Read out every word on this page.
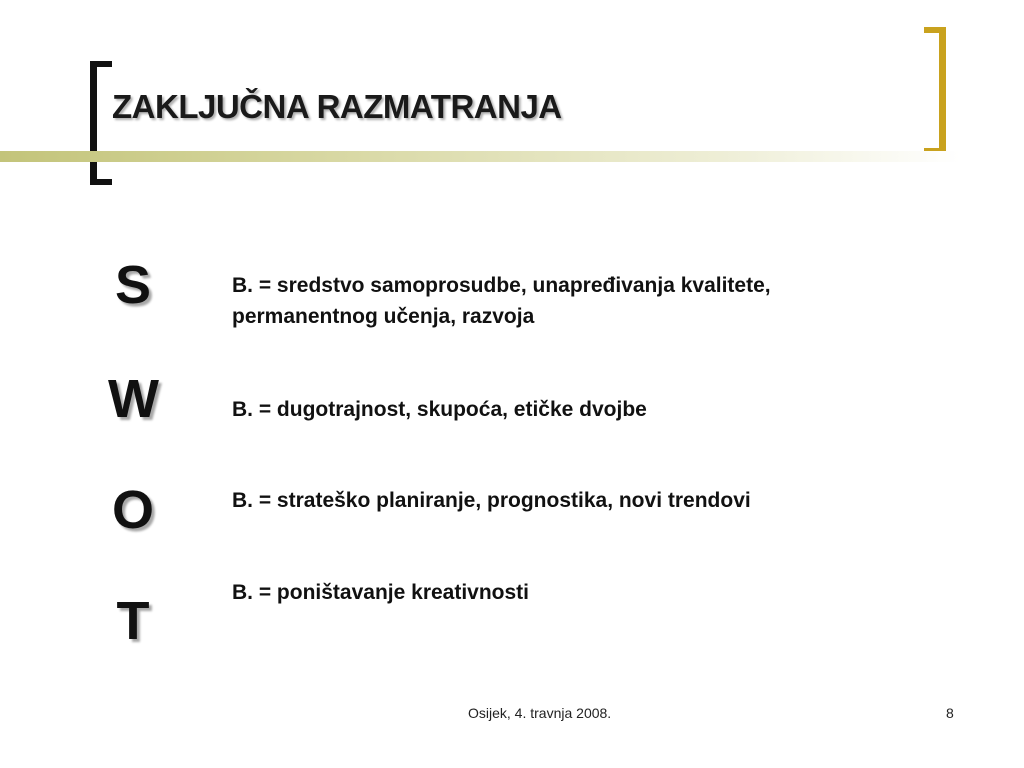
ZAKLJUČNA RAZMATRANJA
S	B. = sredstvo samoprosudbe, unapređivanja kvalitete,
permanentnog učenja, razvoja
W	B. = dugotrajnost, skupoća, etičke dvojbe
O	B. = strateško planiranje, prognostika, novi trendovi
T	B. = poništavanje kreativnosti
Osijek, 4. travnja 2008.	8
